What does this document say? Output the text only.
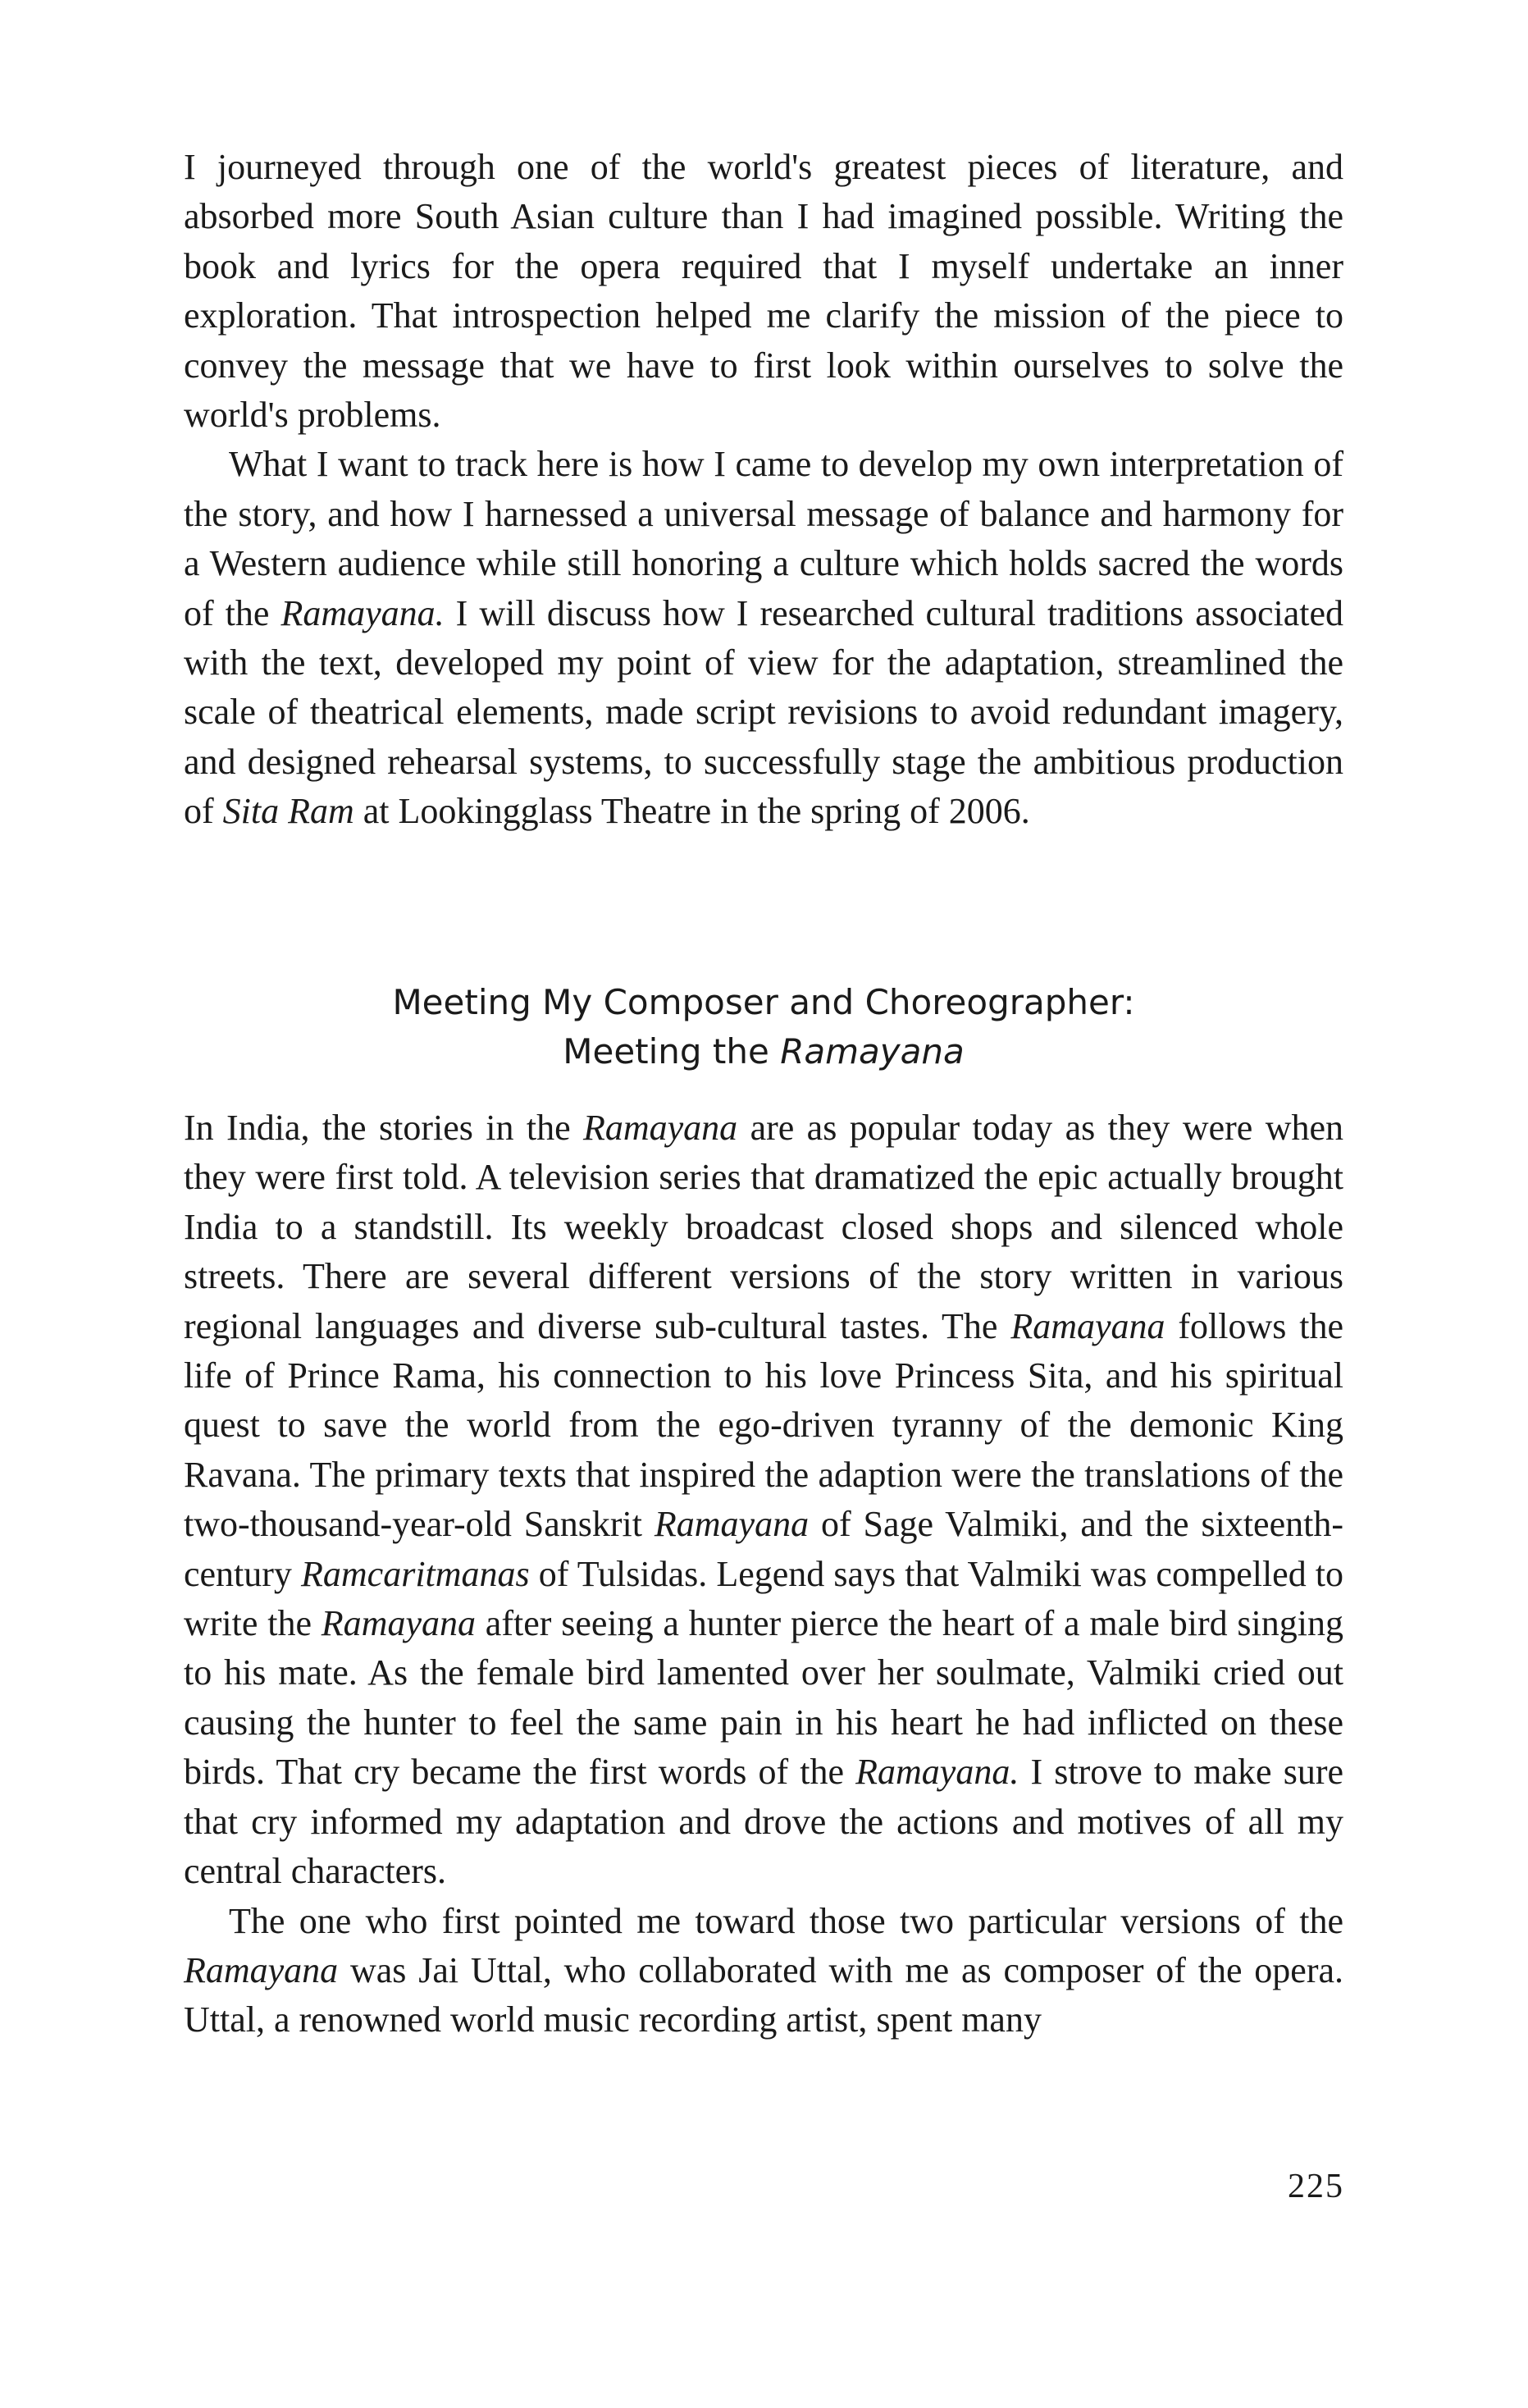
I journeyed through one of the world's greatest pieces of literature, and absorbed more South Asian culture than I had imagined possible. Writing the book and lyrics for the opera required that I myself undertake an inner exploration. That introspection helped me clarify the mission of the piece to convey the message that we have to first look within ourselves to solve the world's problems.

What I want to track here is how I came to develop my own interpretation of the story, and how I harnessed a universal message of balance and harmony for a Western audience while still honoring a culture which holds sacred the words of the Ramayana. I will discuss how I researched cultural traditions associated with the text, developed my point of view for the adaptation, streamlined the scale of theatrical elements, made script revisions to avoid redundant imagery, and designed rehearsal systems, to successfully stage the ambitious production of Sita Ram at Lookingglass Theatre in the spring of 2006.

Meeting My Composer and Choreographer:
Meeting the Ramayana

In India, the stories in the Ramayana are as popular today as they were when they were first told. A television series that dramatized the epic actually brought India to a standstill. Its weekly broadcast closed shops and silenced whole streets. There are several different versions of the story written in various regional languages and diverse sub-cultural tastes. The Ramayana follows the life of Prince Rama, his connection to his love Princess Sita, and his spiritual quest to save the world from the ego-driven tyranny of the demonic King Ravana. The primary texts that inspired the adaption were the translations of the two-thousand-year-old Sanskrit Ramayana of Sage Valmiki, and the sixteenth-century Ramcaritmanas of Tulsidas. Legend says that Valmiki was compelled to write the Ramayana after seeing a hunter pierce the heart of a male bird singing to his mate. As the female bird lamented over her soulmate, Valmiki cried out causing the hunter to feel the same pain in his heart he had inflicted on these birds. That cry became the first words of the Ramayana. I strove to make sure that cry informed my adaptation and drove the actions and motives of all my central characters.

The one who first pointed me toward those two particular versions of the Ramayana was Jai Uttal, who collaborated with me as composer of the opera. Uttal, a renowned world music recording artist, spent many

225
